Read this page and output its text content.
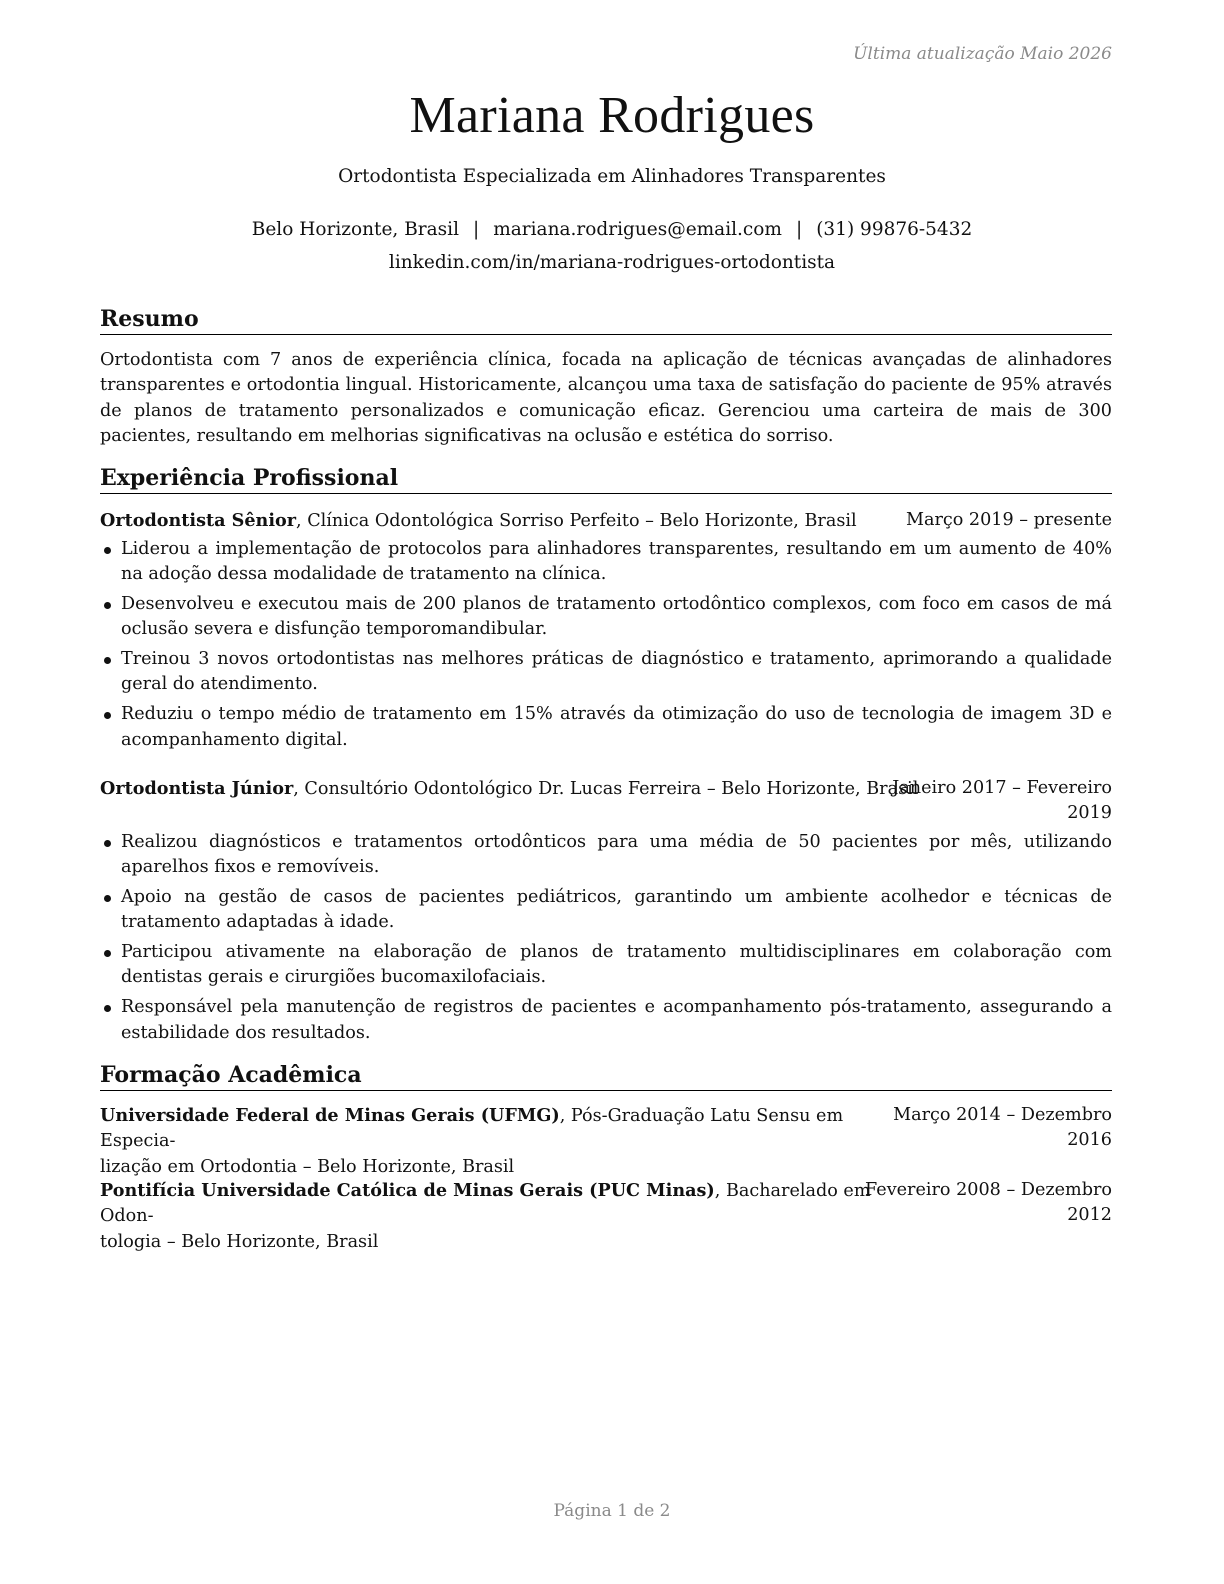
Última atualização Maio 2026
Mariana Rodrigues
Ortodontista Especializada em Alinhadores Transparentes
Belo Horizonte, Brasil | mariana.rodrigues@email.com | (31) 99876-5432
linkedin.com/in/mariana-rodrigues-ortodontista
Resumo
Ortodontista com 7 anos de experiência clínica, focada na aplicação de técnicas avançadas de alinhadores transparentes e ortodontia lingual. Historicamente, alcançou uma taxa de satisfação do paciente de 95% através de planos de tratamento personalizados e comunicação eficaz. Gerenciou uma carteira de mais de 300 pacientes, resultando em melhorias significativas na oclusão e estética do sorriso.
Experiência Profissional
Ortodontista Sênior, Clínica Odontológica Sorriso Perfeito – Belo Horizonte, Brasil	Março 2019 – presente
Liderou a implementação de protocolos para alinhadores transparentes, resultando em um aumento de 40% na adoção dessa modalidade de tratamento na clínica.
Desenvolveu e executou mais de 200 planos de tratamento ortodôntico complexos, com foco em casos de má oclusão severa e disfunção temporomandibular.
Treinou 3 novos ortodontistas nas melhores práticas de diagnóstico e tratamento, aprimorando a qualidade geral do atendimento.
Reduziu o tempo médio de tratamento em 15% através da otimização do uso de tecnologia de imagem 3D e acompanhamento digital.
Ortodontista Júnior, Consultório Odontológico Dr. Lucas Ferreira – Belo Horizonte, Brasil
Janeiro 2017 – Fevereiro
2019
Realizou diagnósticos e tratamentos ortodônticos para uma média de 50 pacientes por mês, utilizando aparelhos fixos e removíveis.
Apoio na gestão de casos de pacientes pediátricos, garantindo um ambiente acolhedor e técnicas de tratamento adaptadas à idade.
Participou ativamente na elaboração de planos de tratamento multidisciplinares em colaboração com dentistas gerais e cirurgiões bucomaxilofaciais.
Responsável pela manutenção de registros de pacientes e acompanhamento pós-tratamento, assegurando a estabilidade dos resultados.
Formação Acadêmica
Universidade Federal de Minas Gerais (UFMG), Pós-Graduação Latu Sensu em Especia-
lização em Ortodontia – Belo Horizonte, Brasil
Março 2014 – Dezembro
2016
Pontifícia Universidade Católica de Minas Gerais (PUC Minas), Bacharelado em Odon-
tologia – Belo Horizonte, Brasil
Fevereiro 2008 – Dezembro
2012
Página 1 de 2
